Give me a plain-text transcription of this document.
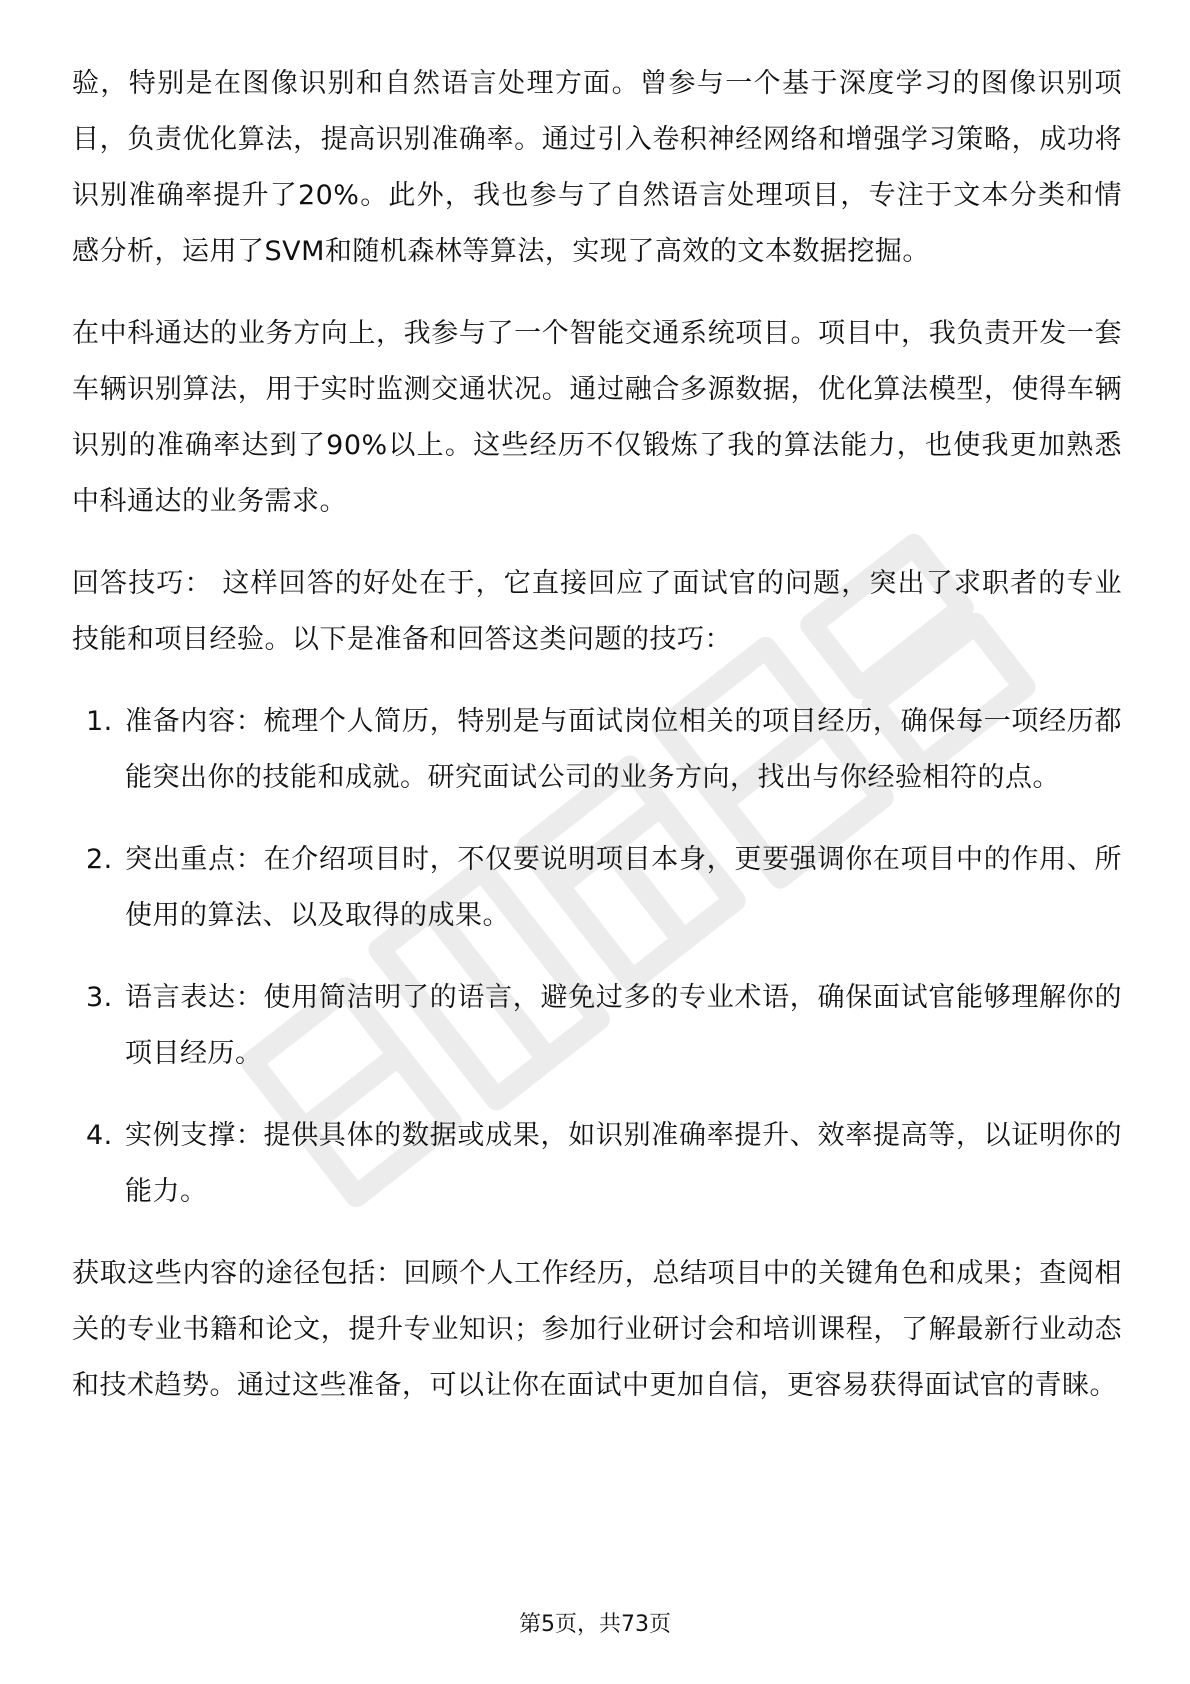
验，特别是在图像识别和自然语言处理方面。曾参与一个基于深度学习的图像识别项目，负责优化算法，提高识别准确率。通过引入卷积神经网络和增强学习策略，成功将识别准确率提升了20%。此外，我也参与了自然语言处理项目，专注于文本分类和情感分析，运用了SVM和随机森林等算法，实现了高效的文本数据挖掘。

在中科通达的业务方向上，我参与了一个智能交通系统项目。项目中，我负责开发一套车辆识别算法，用于实时监测交通状况。通过融合多源数据，优化算法模型，使得车辆识别的准确率达到了90%以上。这些经历不仅锻炼了我的算法能力，也使我更加熟悉中科通达的业务需求。

回答技巧： 这样回答的好处在于，它直接回应了面试官的问题，突出了求职者的专业技能和项目经验。以下是准备和回答这类问题的技巧：

1. 准备内容：梳理个人简历，特别是与面试岗位相关的项目经历，确保每一项经历都能突出你的技能和成就。研究面试公司的业务方向，找出与你经验相符的点。
2. 突出重点：在介绍项目时，不仅要说明项目本身，更要强调你在项目中的作用、所使用的算法、以及取得的成果。
3. 语言表达：使用简洁明了的语言，避免过多的专业术语，确保面试官能够理解你的项目经历。
4. 实例支撑：提供具体的数据或成果，如识别准确率提升、效率提高等，以证明你的能力。

获取这些内容的途径包括：回顾个人工作经历，总结项目中的关键角色和成果；查阅相关的专业书籍和论文，提升专业知识；参加行业研讨会和培训课程，了解最新行业动态和技术趋势。通过这些准备，可以让你在面试中更加自信，更容易获得面试官的青睐。

第5页，共73页
